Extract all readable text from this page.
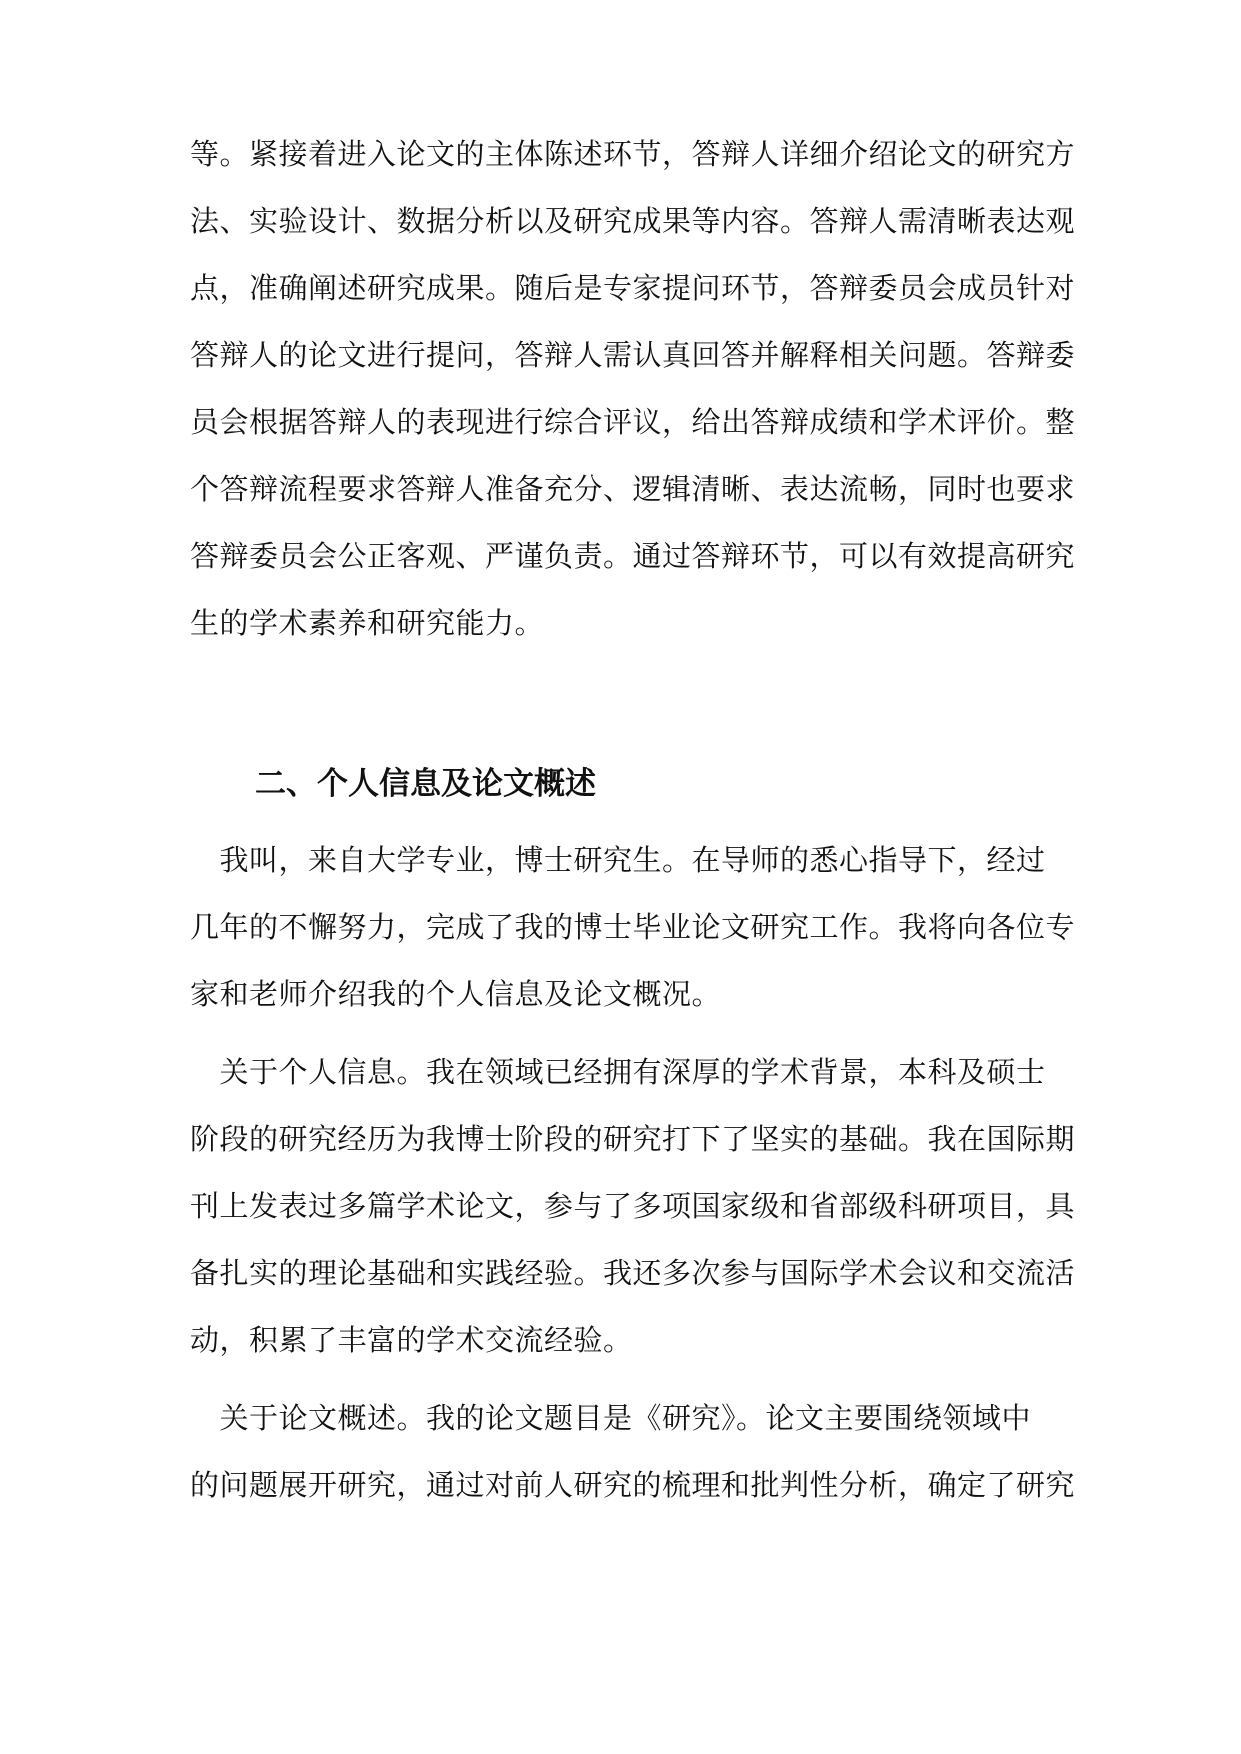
等。紧接着进入论文的主体陈述环节，答辩人详细介绍论文的研究方
法、实验设计、数据分析以及研究成果等内容。答辩人需清晰表达观
点，准确阐述研究成果。随后是专家提问环节，答辩委员会成员针对
答辩人的论文进行提问，答辩人需认真回答并解释相关问题。答辩委
员会根据答辩人的表现进行综合评议，给出答辩成绩和学术评价。整
个答辩流程要求答辩人准备充分、逻辑清晰、表达流畅，同时也要求
答辩委员会公正客观、严谨负责。通过答辩环节，可以有效提高研究
生的学术素养和研究能力。
二、个人信息及论文概述
　我叫，来自大学专业，博士研究生。在导师的悉心指导下，经过
几年的不懈努力，完成了我的博士毕业论文研究工作。我将向各位专
家和老师介绍我的个人信息及论文概况。
　关于个人信息。我在领域已经拥有深厚的学术背景，本科及硕士
阶段的研究经历为我博士阶段的研究打下了坚实的基础。我在国际期
刊上发表过多篇学术论文，参与了多项国家级和省部级科研项目，具
备扎实的理论基础和实践经验。我还多次参与国际学术会议和交流活
动，积累了丰富的学术交流经验。
　关于论文概述。我的论文题目是《研究》。论文主要围绕领域中
的问题展开研究，通过对前人研究的梳理和批判性分析，确定了研究
